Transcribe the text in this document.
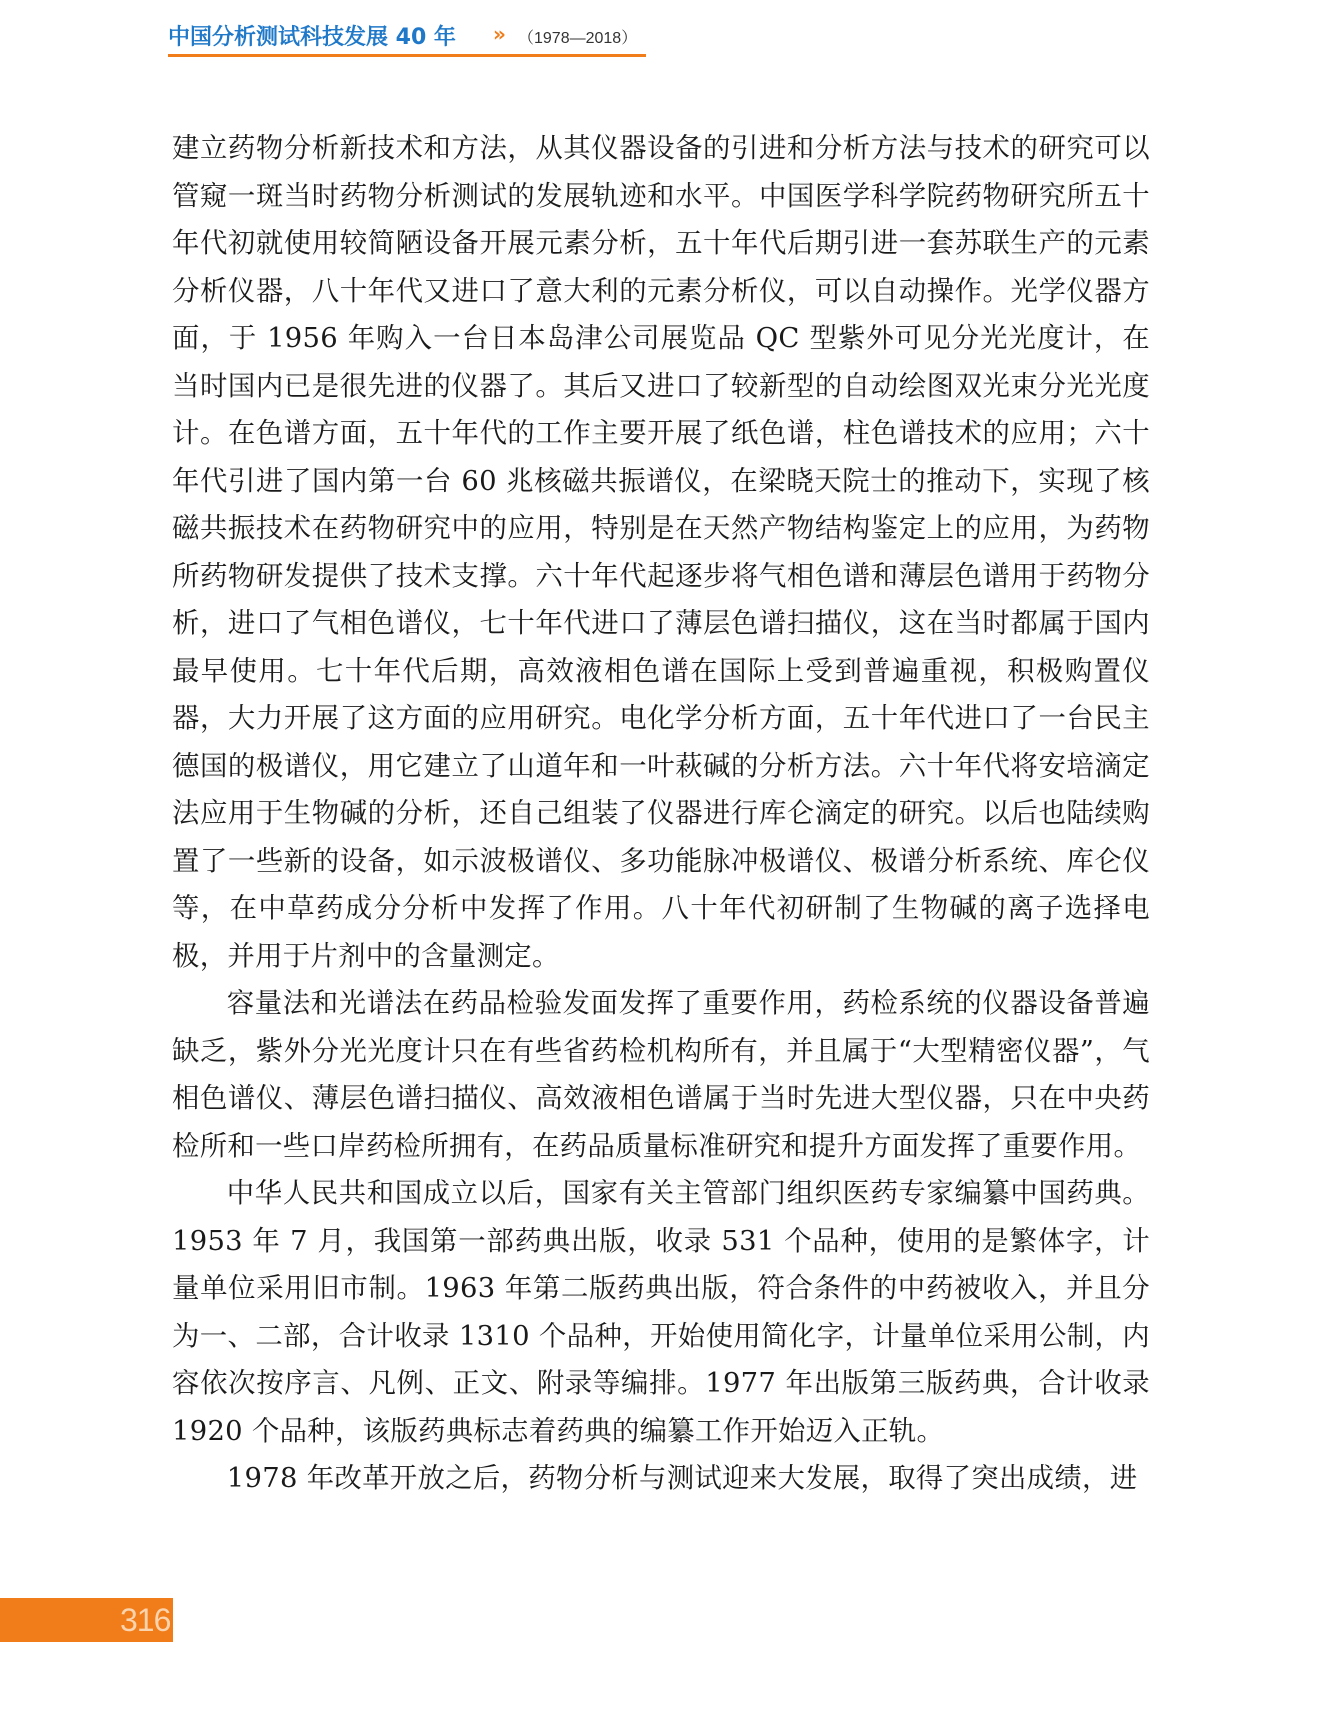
中国分析测试科技发展 40 年 » （1978—2018）

建立药物分析新技术和方法，从其仪器设备的引进和分析方法与技术的研究可以管窥一斑当时药物分析测试的发展轨迹和水平。中国医学科学院药物研究所五十年代初就使用较简陋设备开展元素分析，五十年代后期引进一套苏联生产的元素分析仪器，八十年代又进口了意大利的元素分析仪，可以自动操作。光学仪器方面，于 1956 年购入一台日本岛津公司展览品 QC 型紫外可见分光光度计，在当时国内已是很先进的仪器了。其后又进口了较新型的自动绘图双光束分光光度计。在色谱方面，五十年代的工作主要开展了纸色谱，柱色谱技术的应用；六十年代引进了国内第一台 60 兆核磁共振谱仪，在梁晓天院士的推动下，实现了核磁共振技术在药物研究中的应用，特别是在天然产物结构鉴定上的应用，为药物所药物研发提供了技术支撑。六十年代起逐步将气相色谱和薄层色谱用于药物分析，进口了气相色谱仪，七十年代进口了薄层色谱扫描仪，这在当时都属于国内最早使用。七十年代后期，高效液相色谱在国际上受到普遍重视，积极购置仪器，大力开展了这方面的应用研究。电化学分析方面，五十年代进口了一台民主德国的极谱仪，用它建立了山道年和一叶萩碱的分析方法。六十年代将安培滴定法应用于生物碱的分析，还自己组装了仪器进行库仑滴定的研究。以后也陆续购置了一些新的设备，如示波极谱仪、多功能脉冲极谱仪、极谱分析系统、库仑仪等，在中草药成分分析中发挥了作用。八十年代初研制了生物碱的离子选择电极，并用于片剂中的含量测定。

容量法和光谱法在药品检验发面发挥了重要作用，药检系统的仪器设备普遍缺乏，紫外分光光度计只在有些省药检机构所有，并且属于“大型精密仪器”，气相色谱仪、薄层色谱扫描仪、高效液相色谱属于当时先进大型仪器，只在中央药检所和一些口岸药检所拥有，在药品质量标准研究和提升方面发挥了重要作用。

中华人民共和国成立以后，国家有关主管部门组织医药专家编纂中国药典。1953 年 7 月，我国第一部药典出版，收录 531 个品种，使用的是繁体字，计量单位采用旧市制。1963 年第二版药典出版，符合条件的中药被收入，并且分为一、二部，合计收录 1310 个品种，开始使用简化字，计量单位采用公制，内容依次按序言、凡例、正文、附录等编排。1977 年出版第三版药典，合计收录 1920 个品种，该版药典标志着药典的编纂工作开始迈入正轨。

1978 年改革开放之后，药物分析与测试迎来大发展，取得了突出成绩，进

316
